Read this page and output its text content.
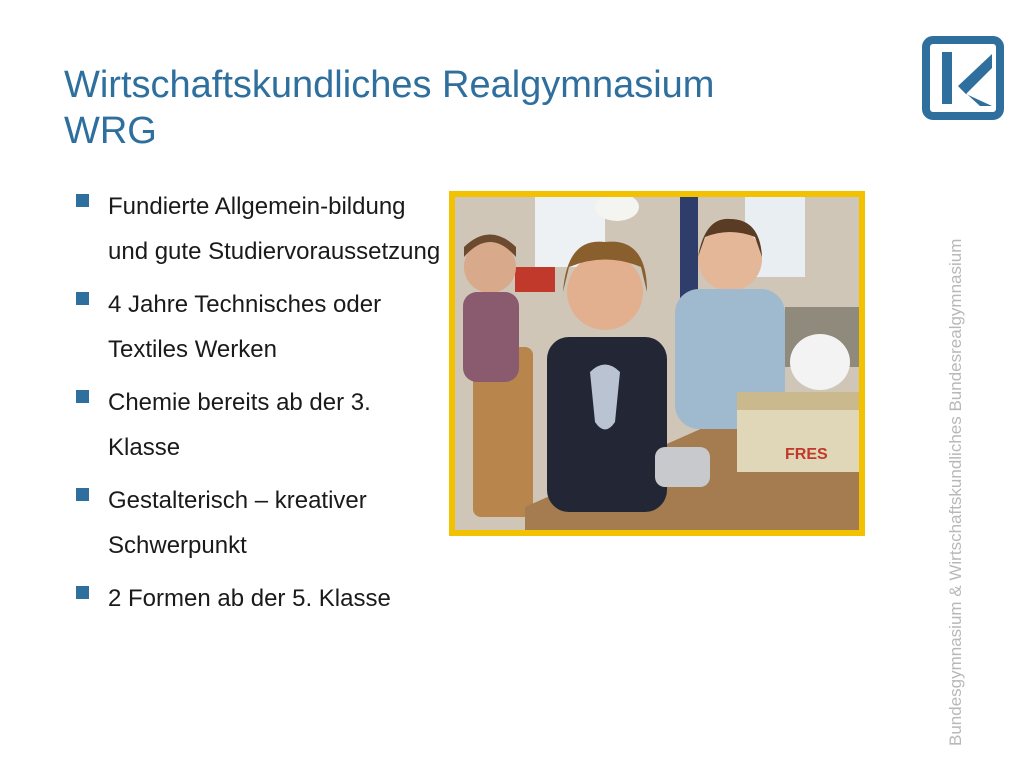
Wirtschaftskundliches Realgymnasium
WRG
Fundierte Allgemein-bildung und gute Studiervoraussetzung
4 Jahre Technisches oder Textiles Werken
Chemie bereits ab der 3. Klasse
Gestalterisch – kreativer Schwerpunkt
2 Formen ab der 5. Klasse
FRES	Bundesgymnasium & Wirtschaftskundliches Bundesrealgymnasium
